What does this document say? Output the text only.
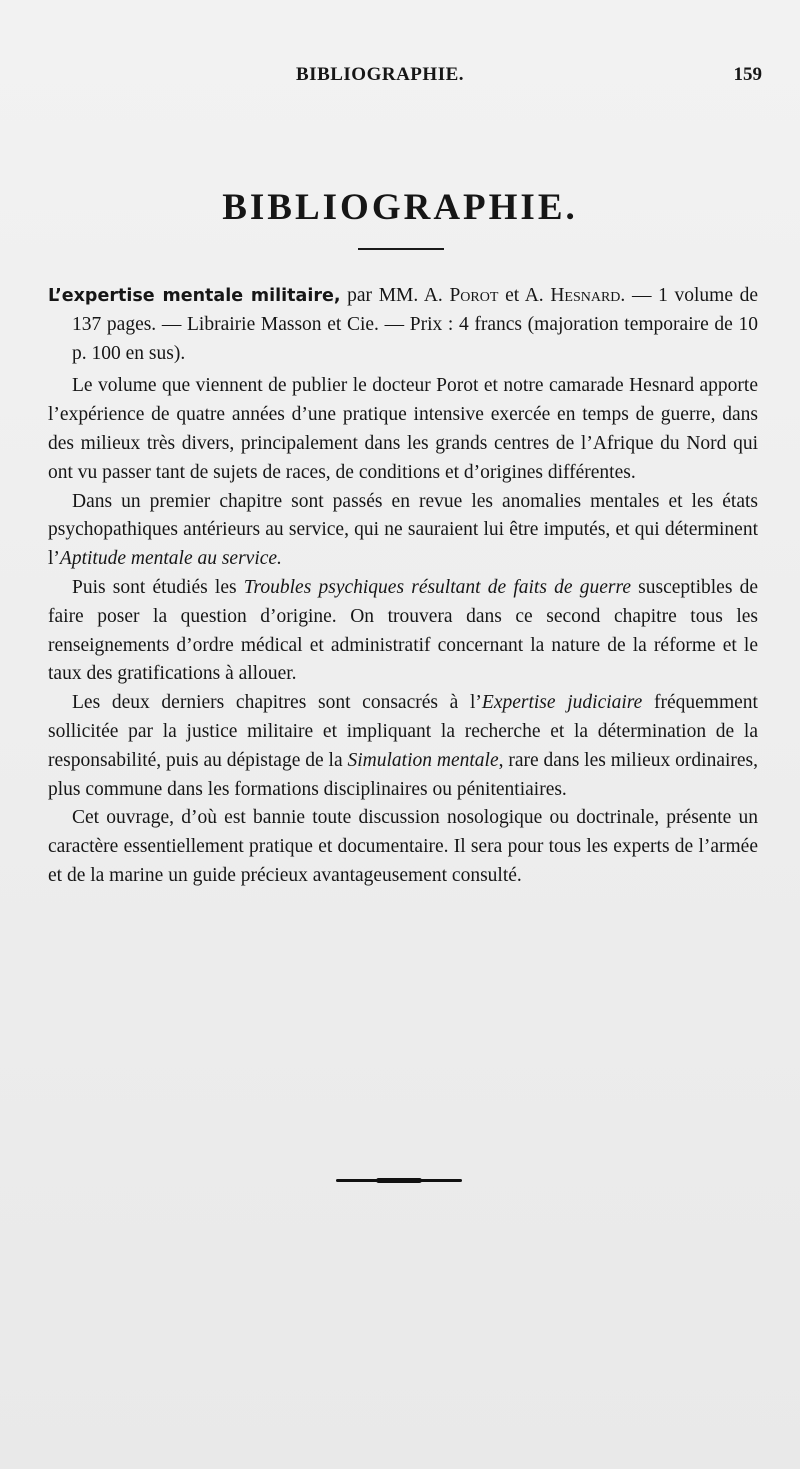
BIBLIOGRAPHIE.	159
BIBLIOGRAPHIE.

L’expertise mentale militaire, par MM. A. Porot et A. Hesnard. — 1 volume de 137 pages. — Librairie Masson et Cie. — Prix : 4 francs (majoration temporaire de 10 p. 100 en sus).

Le volume que viennent de publier le docteur Porot et notre camarade Hesnard apporte l’expérience de quatre années d’une pratique intensive exercée en temps de guerre, dans des milieux très divers, principalement dans les grands centres de l’Afrique du Nord qui ont vu passer tant de sujets de races, de conditions et d’origines différentes.

Dans un premier chapitre sont passés en revue les anomalies mentales et les états psychopathiques antérieurs au service, qui ne sauraient lui être imputés, et qui déterminent l’Aptitude mentale au service.

Puis sont étudiés les Troubles psychiques résultant de faits de guerre susceptibles de faire poser la question d’origine. On trouvera dans ce second chapitre tous les renseignements d’ordre médical et administratif concernant la nature de la réforme et le taux des gratifications à allouer.

Les deux derniers chapitres sont consacrés à l’Expertise judiciaire fréquemment sollicitée par la justice militaire et impliquant la recherche et la détermination de la responsabilité, puis au dépistage de la Simulation mentale, rare dans les milieux ordinaires, plus commune dans les formations disciplinaires ou pénitentiaires.

Cet ouvrage, d’où est bannie toute discussion nosologique ou doctrinale, présente un caractère essentiellement pratique et documentaire. Il sera pour tous les experts de l’armée et de la marine un guide précieux avantageusement consulté.
